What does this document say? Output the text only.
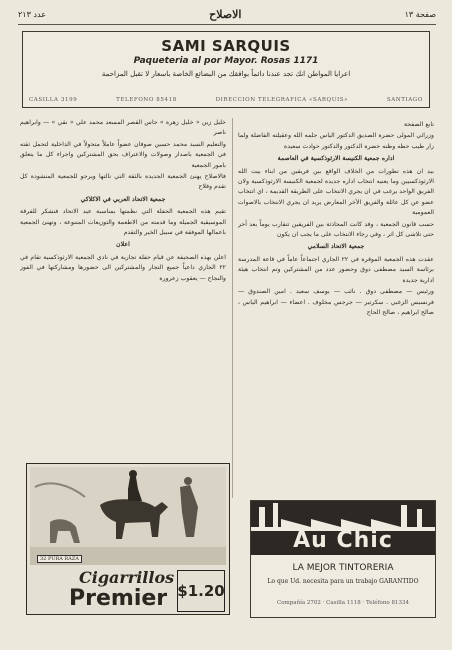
عدد ٢١٣	الاصلاح	صفحة ١٣
SAMI SARQUIS
Paqueteria al por Mayor. Rosas 1171
اعرايا المواطن انك تجد عندنا دائماً بوافقك من البضائع الخاصة باسعار لا تقبل المزاحمة
CASILLA 3199	TELEFONO 85418	DIRECCION TELEGRAFICA «SARQUIS»	SANTIAGO

تابع الصفحة

وزرائي المولى حضرة الصديق الدكتور الياس جلمه الله وعقيلته الفاضلة ولما زار طيب حظه وظنه حضرة الدكتور والدكتور حوادث سعيدة

اداره جمعية الكنيسة الارثوذكسية في العاصمة

بيد ان هذه تطورات من الخلاف الواقع بين فريقين من ابناء بيت الله الارثوذكسيين وما يعنيه انتخاب اداره جديدة لجمعية الكنيسة الارثوذكسية ولان الفريق الواحد يرغب في ان يجري الانتخاب على الطريقة القديمة ، اي انتخاب عضو عن كل عائلة والفريق الآخر المعارض يريد ان يجري الانتخاب بالاصوات العمومية

حسب قانون الجمعية ، وقد كانت المحادثة بين الفريقين تتقارب يوماً بعد آخر حتى تلاشى كل اثر ، وفي رجاء الانتخاب على ما يجب ان يكون

جمعية الاتحاد السلامي

عقدت هذه الجمعية الموقرة في ٢٢ الجاري اجتماعاً عاماً في قاعة المدرسة برئاسة السيد مصطفى دوق وحضور عدد من المشتركين وتم انتخاب هيئة ادارية جديدة

ورئيس — مصطفى دوق . نائب — يوسف سعيد . امين الصندوق — فرنسيس الزغبي . سكرتير — جرجس مخلوف . اعضاء — ابراهيم الياس ، صالح ابراهيم ، صالح الحاج

خليل زين « خليل زهرة » جاس القصر المسعد محمد علي « نقي » — وابراهيم ناصر

والتعليم السيد محمد حسين صوفان عضواً عاملاً متحولاً في الداخلية لتحمل ثقته في الجمعية باصدار وصولات والاعتراف بحق المشتركين واجراء كل ما يتعلق بامور الجمعية

فالاصلاح يهنئ الجمعية الجديدة بالثقة التي نالتها ويرجو للجمعية المنشودة كل تقدم وفلاح

جمعية الاتحاد العربي في الاكلاكي

تقيم هذه الجمعية الحفلة التي نظمتها بمناسبة عيد الاتحاد فنشكر للفرقة الموسيقية الجميلة وما قدمته من الاطعمة والتوزيعات المتنوعة ، وتهنئ الجمعية باعمالها الموفقة في سبيل الخير والتقدم

اعلان

اعلن بهذه الصحيفة عن قيام حفلة تجارية في نادي الجمعية الارثوذكسية تقام في ٢٢ الجاري داعياً جميع التجار والمشتركين الى حضورها ومشاركتها في الفوز والنجاح — يعقوب زعرورة

32 PURA RAZA
Cigarrillos
Premier $1.20
Au Chic
LA MEJOR TINTORERIA
Lo que Ud. necesita para un trabajo GARANTIDO
Compañía 2702 · Casilla 1118 · Teléfono 81334
